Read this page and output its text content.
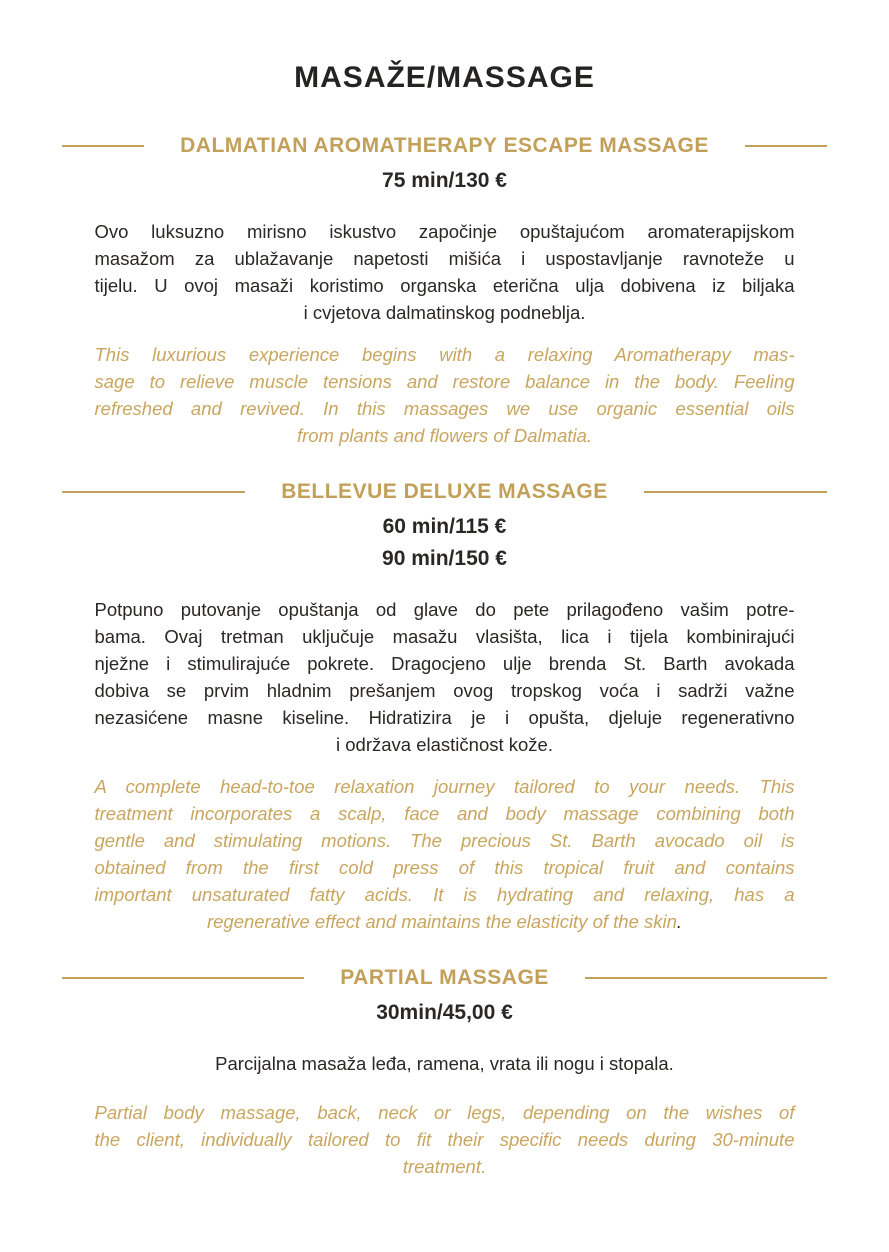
MASAŽE/MASSAGE
DALMATIAN AROMATHERAPY ESCAPE MASSAGE
75 min/130 €
Ovo luksuzno mirisno iskustvo započinje opuštajućom aromaterapijskom
masažom za ublažavanje napetosti mišića i uspostavljanje ravnoteže u
tijelu. U ovoj masaži koristimo organska eterična ulja dobivena iz biljaka
i cvjetova dalmatinskog podneblja.
This luxurious experience begins with a relaxing Aromatherapy mas-
sage to relieve muscle tensions and restore balance in the body. Feeling
refreshed and revived. In this massages we use organic essential oils
from plants and flowers of Dalmatia.
BELLEVUE DELUXE MASSAGE
60 min/115 €
90 min/150 €
Potpuno putovanje opuštanja od glave do pete prilagođeno vašim potre-
bama. Ovaj tretman uključuje masažu vlasišta, lica i tijela kombinirajući
nježne i stimulirajuće pokrete. Dragocjeno ulje brenda St. Barth avokada
dobiva se prvim hladnim prešanjem ovog tropskog voća i sadrži važne
nezasićene masne kiseline. Hidratizira je i opušta, djeluje regenerativno
i održava elastičnost kože.
A complete head-to-toe relaxation journey tailored to your needs. This
treatment incorporates a scalp, face and body massage combining both
gentle and stimulating motions. The precious St. Barth avocado oil is
obtained from the first cold press of this tropical fruit and contains
important unsaturated fatty acids. It is hydrating and relaxing, has a
regenerative effect and maintains the elasticity of the skin.
PARTIAL MASSAGE
30min/45,00 €
Parcijalna masaža leđa, ramena, vrata ili nogu i stopala.
Partial body massage, back, neck or legs, depending on the wishes of
the client, individually tailored to fit their specific needs during 30-minute
treatment.
